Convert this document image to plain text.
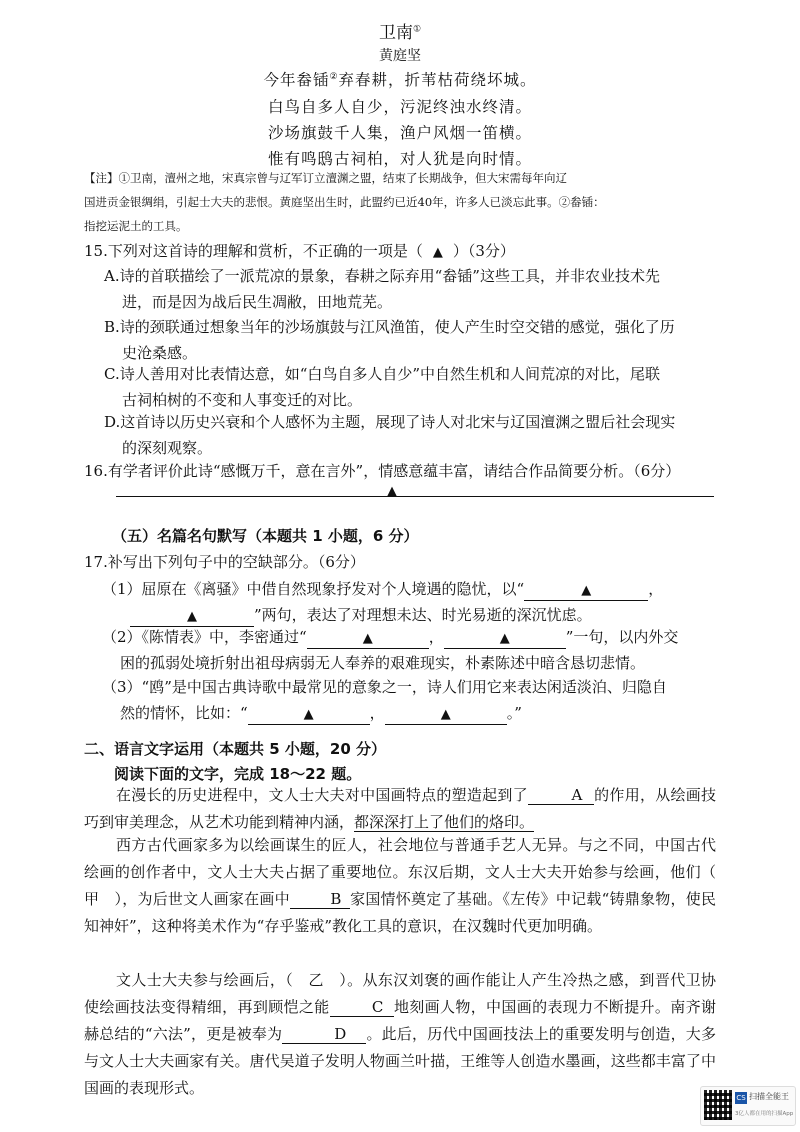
卫南①
黄庭坚
今年畚锸②弃春耕，折苇枯荷绕坏城。
白鸟自多人自少，污泥终浊水终清。
沙场旗鼓千人集，渔户风烟一笛横。
惟有鸣鸱古祠柏，对人犹是向时情。
【注】①卫南，澶州之地，宋真宗曾与辽军订立澶渊之盟，结束了长期战争，但大宋需每年向辽
国进贡金银绸绢，引起士大夫的悲恨。黄庭坚出生时，此盟约已近40年，许多人已淡忘此事。②畚锸：
指挖运泥土的工具。
15.下列对这首诗的理解和赏析，不正确的一项是（ ▲ ）（3分）
A.诗的首联描绘了一派荒凉的景象，春耕之际弃用“畚锸”这些工具，并非农业技术先
进，而是因为战后民生凋敝，田地荒芜。
B.诗的颈联通过想象当年的沙场旗鼓与江风渔笛，使人产生时空交错的感觉，强化了历
史沧桑感。
C.诗人善用对比表情达意，如“白鸟自多人自少”中自然生机和人间荒凉的对比，尾联
古祠柏树的不变和人事变迁的对比。
D.这首诗以历史兴衰和个人感怀为主题，展现了诗人对北宋与辽国澶渊之盟后社会现实
的深刻观察。
16.有学者评价此诗“感慨万千，意在言外”，情感意蕴丰富，请结合作品简要分析。（6分）
▲
（五）名篇名句默写（本题共 1 小题，6 分）
17.补写出下列句子中的空缺部分。（6分）
（1）屈原在《离骚》中借自然现象抒发对个人境遇的隐忧，以“	▲	，
▲	”两句，表达了对理想未达、时光易逝的深沉忧虑。
（2）《陈情表》中，李密通过“	▲	，	▲	”一句，以内外交
困的孤弱处境折射出祖母病弱无人奉养的艰难现实，朴素陈述中暗含恳切悲情。
（3）“鸥”是中国古典诗歌中最常见的意象之一，诗人们用它来表达闲适淡泊、归隐自
然的情怀，比如：“	▲	，	▲	。”
二、语言文字运用（本题共 5 小题，20 分）
阅读下面的文字，完成 18～22 题。
在漫长的历史进程中，文人士大夫对中国画特点的塑造起到了	A 的作用，从绘画技巧到审美理念，从艺术功能到精神内涵，都深深打上了他们的烙印。
西方古代画家多为以绘画谋生的匠人，社会地位与普通手艺人无异。与之不同，中国古代绘画的创作者中，文人士大夫占据了重要地位。东汉后期，文人士大夫开始参与绘画，他们（　甲　），为后世文人画家在画中	B 家国情怀奠定了基础。《左传》中记载“铸鼎象物，使民知神奸”，这种将美术作为“存乎鉴戒”教化工具的意识，在汉魏时代更加明确。
文人士大夫参与绘画后，（　乙　）。从东汉刘褒的画作能让人产生冷热之感，到晋代卫协使绘画技法变得精细，再到顾恺之能	C 地刻画人物，中国画的表现力不断提升。南齐谢赫总结的“六法”，更是被奉为	D 。此后，历代中国画技法上的重要发明与创造，大多与文人士大夫画家有关。唐代吴道子发明人物画兰叶描，王维等人创造水墨画，这些都丰富了中国画的表现形式。
CS 扫描全能王
3亿人都在用的扫描App
